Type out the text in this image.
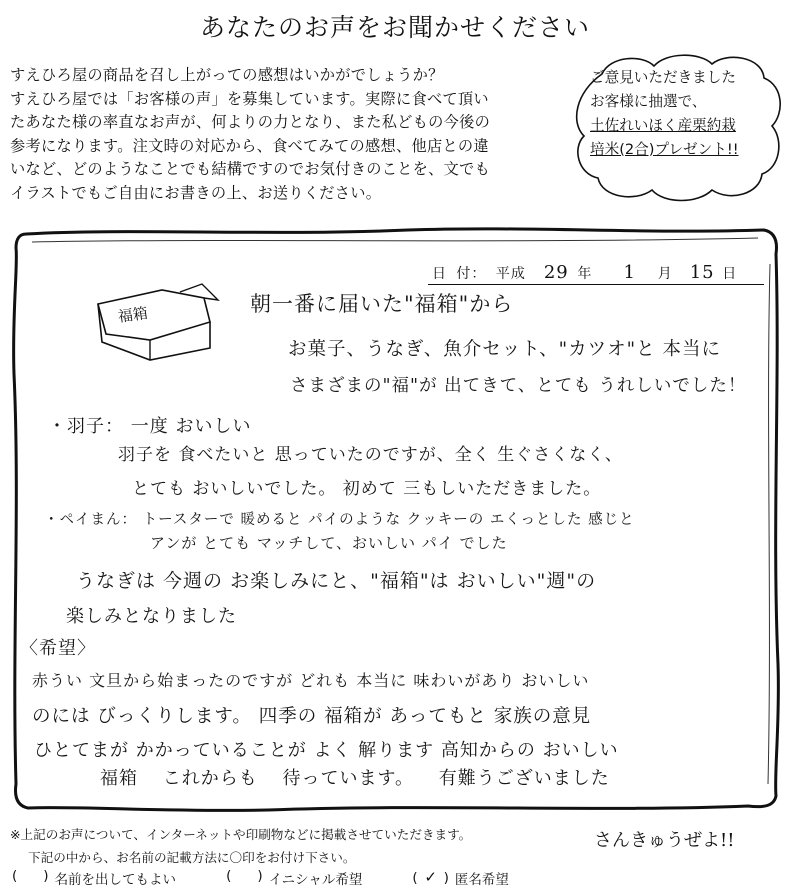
あなたのお声をお聞かせください
すえひろ屋の商品を召し上がっての感想はいかがでしょうか？
すえひろ屋では「お客様の声」を募集しています。実際に食べて頂い
たあなた様の率直なお声が、何よりの力となり、また私どもの今後の
参考になります。注文時の対応から、食べてみての感想、他店との違
いなど、どのようなことでも結構ですのでお気付きのことを、文でも
イラストでもご自由にお書きの上、お送りください。
ご意見いただきました
お客様に抽選で、
土佐れいほく産栗約栽
培米(2合)プレゼント!!
日 付： 平成 29 年 1 月 15 日
福箱	朝一番に届いた"福箱"から
お菓子、うなぎ、魚介セット、"カツオ"と 本当に
さまざまの"福"が 出てきて、とても うれしいでした！
・羽子： 一度 おいしい
羽子を 食べたいと 思っていたのですが、全く 生ぐさくなく、
とても おいしいでした。 初めて 三もしいただきました。
・ペイまん： トースターで 暖めると パイのような クッキーの エくっとした 感じと
アンが とても マッチして、おいしい パイ でした
うなぎは 今週の お楽しみにと、"福箱"は おいしい"週"の
楽しみとなりました
〈希望〉
赤うい 文旦から始まったのですが どれも 本当に 味わいがあり おいしい
のには びっくりします。 四季の 福箱が あってもと 家族の意見
ひとてまが かかっていることが よく 解ります 高知からの おいしい
福箱 これからも 待っています。 有難うございました
さんきゅうぜよ!!
※上記のお声について、インターネットや印刷物などに掲載させていただきます。
下記の中から、お名前の記載方法に〇印をお付け下さい。
( ) 名前を出してもよい	( ) イニシャル希望	( ✓ ) 匿名希望
